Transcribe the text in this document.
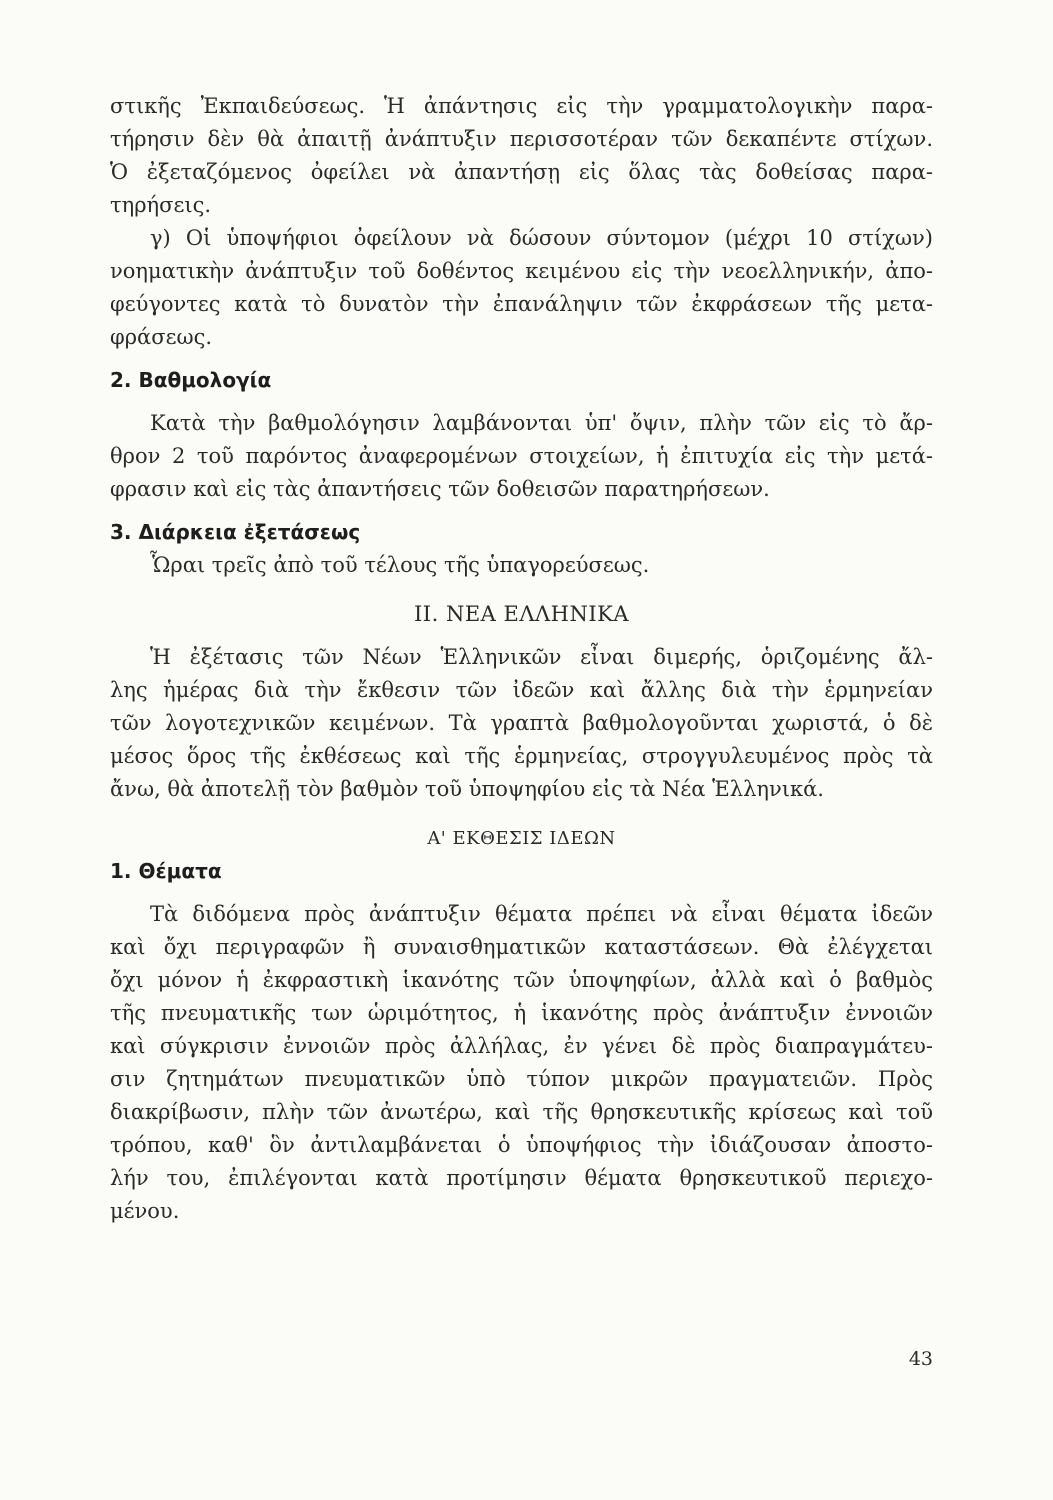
στικῆς Ἐκπαιδεύσεως. Ἡ ἀπάντησις εἰς τὴν γραμματολογικὴν παρα-
τήρησιν δὲν θὰ ἀπαιτῇ ἀνάπτυξιν περισσοτέραν τῶν δεκαπέντε στίχων.
Ὁ ἐξεταζόμενος ὀφείλει νὰ ἀπαντήσῃ εἰς ὅλας τὰς δοθείσας παρα-
τηρήσεις.
γ) Οἱ ὑποψήφιοι ὀφείλουν νὰ δώσουν σύντομον (μέχρι 10 στίχων)
νοηματικὴν ἀνάπτυξιν τοῦ δοθέντος κειμένου εἰς τὴν νεοελληνικήν, ἀπο-
φεύγοντες κατὰ τὸ δυνατὸν τὴν ἐπανάληψιν τῶν ἐκφράσεων τῆς μετα-
φράσεως.
2. Βαθμολογία
Κατὰ τὴν βαθμολόγησιν λαμβάνονται ὑπ' ὄψιν, πλὴν τῶν εἰς τὸ ἄρ-
θρον 2 τοῦ παρόντος ἀναφερομένων στοιχείων, ἡ ἐπιτυχία εἰς τὴν μετά-
φρασιν καὶ εἰς τὰς ἀπαντήσεις τῶν δοθεισῶν παρατηρήσεων.
3. Διάρκεια ἐξετάσεως
Ὧραι τρεῖς ἀπὸ τοῦ τέλους τῆς ὑπαγορεύσεως.
II. ΝΕΑ ΕΛΛΗΝΙΚΑ
Ἡ ἐξέτασις τῶν Νέων Ἑλληνικῶν εἶναι διμερής, ὁριζομένης ἄλ-
λης ἡμέρας διὰ τὴν ἔκθεσιν τῶν ἰδεῶν καὶ ἄλλης διὰ τὴν ἑρμηνείαν
τῶν λογοτεχνικῶν κειμένων. Τὰ γραπτὰ βαθμολογοῦνται χωριστά, ὁ δὲ
μέσος ὅρος τῆς ἐκθέσεως καὶ τῆς ἑρμηνείας, στρογγυλευμένος πρὸς τὰ
ἄνω, θὰ ἀποτελῇ τὸν βαθμὸν τοῦ ὑποψηφίου εἰς τὰ Νέα Ἑλληνικά.
Α' ΕΚΘΕΣΙΣ ΙΔΕΩΝ
1. Θέματα
Τὰ διδόμενα πρὸς ἀνάπτυξιν θέματα πρέπει νὰ εἶναι θέματα ἰδεῶν
καὶ ὄχι περιγραφῶν ἢ συναισθηματικῶν καταστάσεων. Θὰ ἐλέγχεται
ὄχι μόνον ἡ ἐκφραστικὴ ἱκανότης τῶν ὑποψηφίων, ἀλλὰ καὶ ὁ βαθμὸς
τῆς πνευματικῆς των ὡριμότητος, ἡ ἱκανότης πρὸς ἀνάπτυξιν ἐννοιῶν
καὶ σύγκρισιν ἐννοιῶν πρὸς ἀλλήλας, ἐν γένει δὲ πρὸς διαπραγμάτευ-
σιν ζητημάτων πνευματικῶν ὑπὸ τύπον μικρῶν πραγματειῶν. Πρὸς
διακρίβωσιν, πλὴν τῶν ἀνωτέρω, καὶ τῆς θρησκευτικῆς κρίσεως καὶ τοῦ
τρόπου, καθ' ὃν ἀντιλαμβάνεται ὁ ὑποψήφιος τὴν ἰδιάζουσαν ἀποστο-
λήν του, ἐπιλέγονται κατὰ προτίμησιν θέματα θρησκευτικοῦ περιεχο-
μένου.
43
